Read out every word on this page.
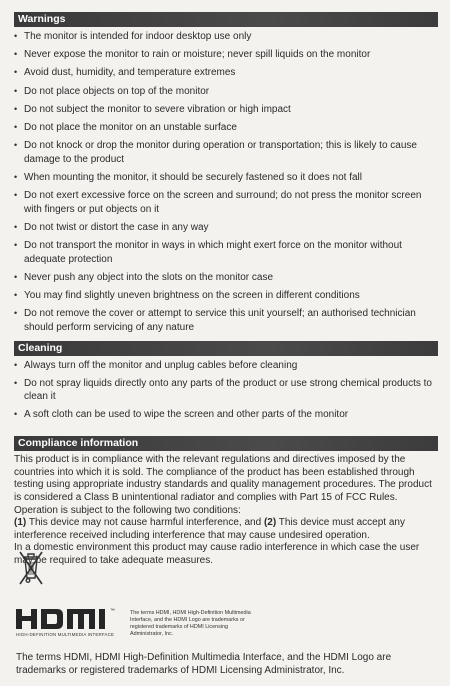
Warnings
• The monitor is intended for indoor desktop use only
• Never expose the monitor to rain or moisture; never spill liquids on the monitor
• Avoid dust, humidity, and temperature extremes
• Do not place objects on top of the monitor
• Do not subject the monitor to severe vibration or high impact
• Do not place the monitor on an unstable surface
• Do not knock or drop the monitor during operation or transportation; this is likely to cause damage to the product
• When mounting the monitor, it should be securely fastened so it does not fall
• Do not exert excessive force on the screen and surround; do not press the monitor screen with fingers or put objects on it
• Do not twist or distort the case in any way
• Do not transport the monitor in ways in which might exert force on the monitor without adequate protection
• Never push any object into the slots on the monitor case
• You may find slightly uneven brightness on the screen in different conditions
• Do not remove the cover or attempt to service this unit yourself; an authorised technician should perform servicing of any nature
Cleaning
• Always turn off the monitor and unplug cables before cleaning
• Do not spray liquids directly onto any parts of the product or use strong chemical products to clean it
• A soft cloth can be used to wipe the screen and other parts of the monitor
Compliance information

This product is in compliance with the relevant regulations and directives imposed by the countries into which it is sold. The compliance of the product has been established through testing using appropriate industry standards and quality management procedures. The product is considered a Class B unintentional radiator and complies with Part 15 of FCC Rules. Operation is subject to the following two conditions:
(1) This device may not cause harmful interference, and (2) This device must accept any interference received including interference that may cause undesired operation.

In a domestic environment this product may cause radio interference in which case the user may be required to take adequate measures.

™
HIGH-DEFINITION MULTIMEDIA INTERFACE
The terms HDMI, HDMI High-Definition Multimedia Interface, and the HDMI Logo are trademarks or registered trademarks of HDMI Licensing Administrator, Inc.

The terms HDMI, HDMI High-Definition Multimedia Interface, and the HDMI Logo are trademarks or registered trademarks of HDMI Licensing Administrator, Inc.
